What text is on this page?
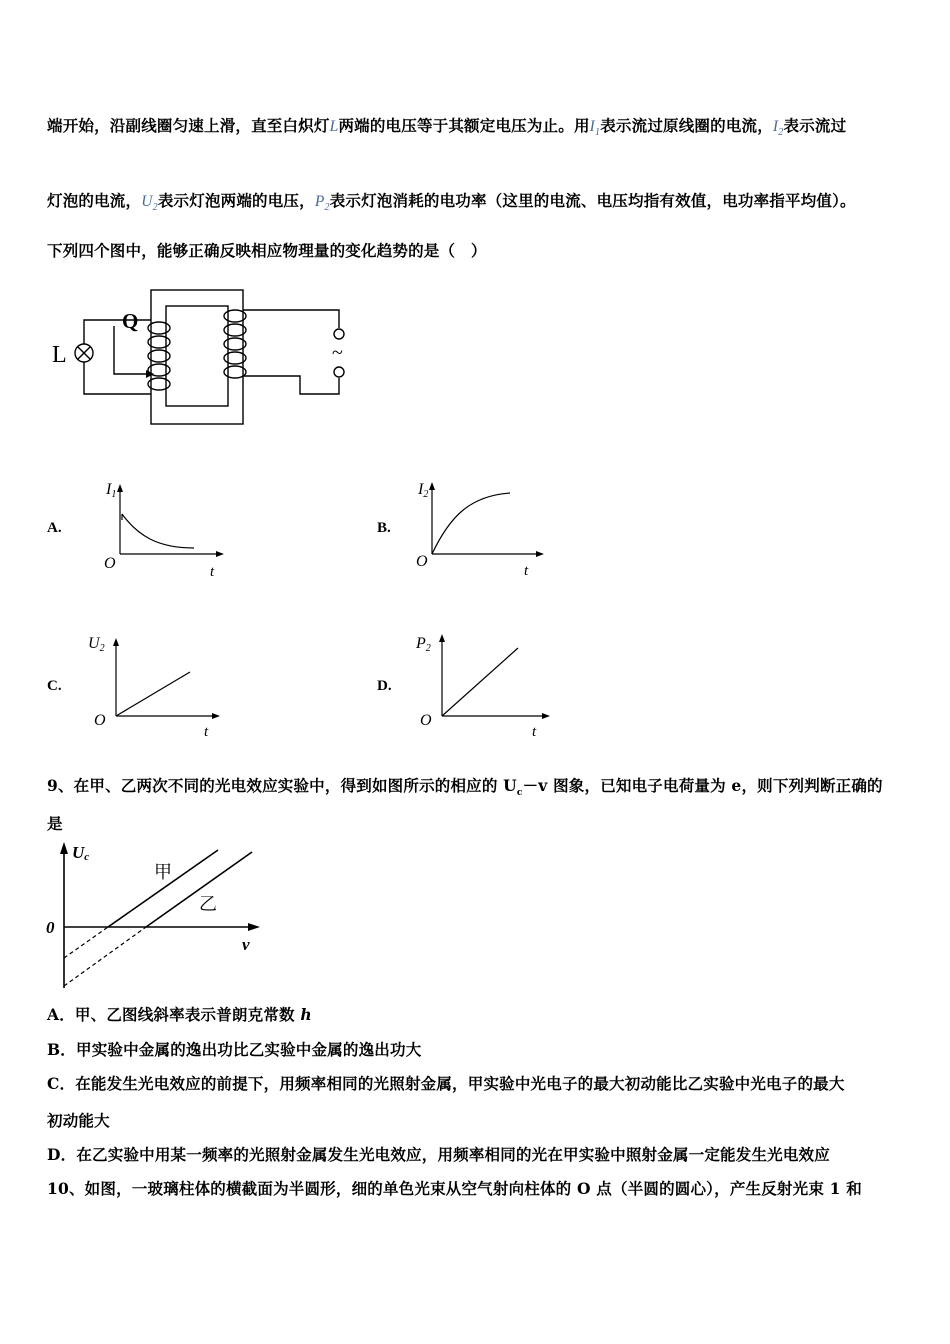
端开始，沿副线圈匀速上滑，直至白炽灯L两端的电压等于其额定电压为止。用$I_1$表示流过原线圈的电流，$I_2$表示流过
灯泡的电流，$U_2$表示灯泡两端的电压，$P_2$表示灯泡消耗的电功率（这里的电流、电压均指有效值，电功率指平均值）。
下列四个图中，能够正确反映相应物理量的变化趋势的是（　）
L
Q
~
A.
I1
O	t
B.
I2
O
t
C.
U2
O
t
D.
P2
O
t
9、在甲、乙两次不同的光电效应实验中，得到如图所示的相应的 $U_c-v$ 图象，已知电子电荷量为 e，则下列判断正确的
是
Uc
0
v
甲
乙
A．甲、乙图线斜率表示普朗克常数 h
B．甲实验中金属的逸出功比乙实验中金属的逸出功大
C．在能发生光电效应的前提下，用频率相同的光照射金属，甲实验中光电子的最大初动能比乙实验中光电子的最大
初动能大
D．在乙实验中用某一频率的光照射金属发生光电效应，用频率相同的光在甲实验中照射金属一定能发生光电效应
10、如图，一玻璃柱体的横截面为半圆形，细的单色光束从空气射向柱体的 O 点（半圆的圆心），产生反射光束 1 和
